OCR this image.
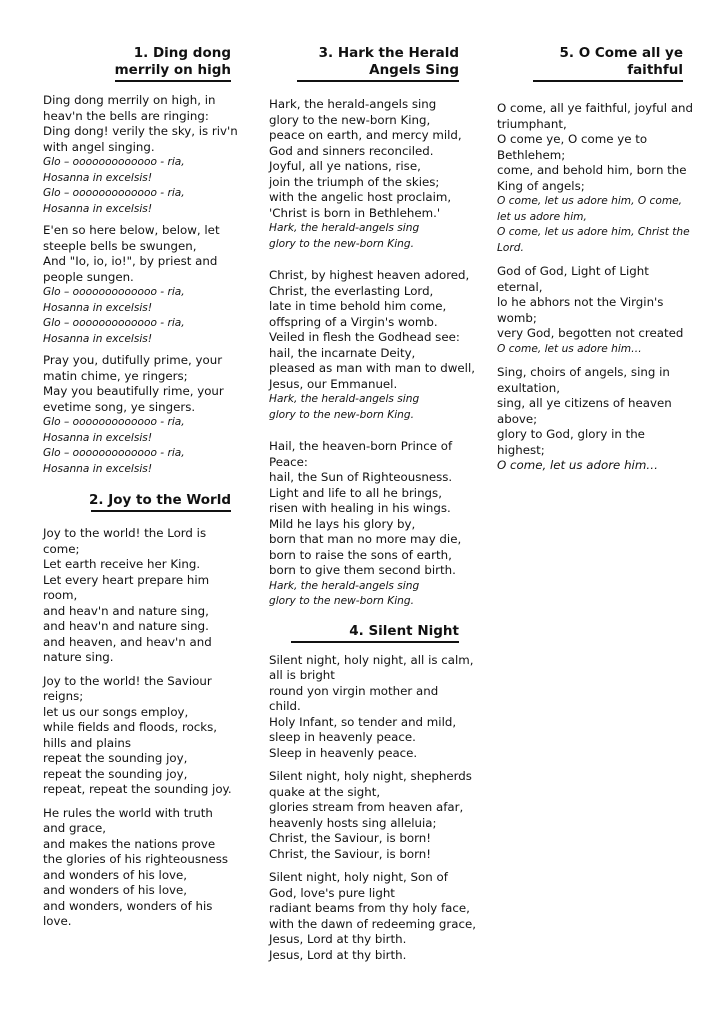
1. Ding dong
merrily on high
Ding dong merrily on high, in
heav'n the bells are ringing:
Ding dong! verily the sky, is riv'n
with angel singing.
Glo – ooooooooooooo - ria,
Hosanna in excelsis!
Glo – ooooooooooooo - ria,
Hosanna in excelsis!
E'en so here below, below, let
steeple bells be swungen,
And "Io, io, io!", by priest and
people sungen.
Glo – ooooooooooooo - ria,
Hosanna in excelsis!
Glo – ooooooooooooo - ria,
Hosanna in excelsis!
Pray you, dutifully prime, your
matin chime, ye ringers;
May you beautifully rime, your
evetime song, ye singers.
Glo – ooooooooooooo - ria,
Hosanna in excelsis!
Glo – ooooooooooooo - ria,
Hosanna in excelsis!
2. Joy to the World
Joy to the world! the Lord is
come;
Let earth receive her King.
Let every heart prepare him
room,
and heav'n and nature sing,
and heav'n and nature sing.
and heaven, and heav'n and
nature sing.
Joy to the world! the Saviour
reigns;
let us our songs employ,
while fields and floods, rocks,
hills and plains
repeat the sounding joy,
repeat the sounding joy,
repeat, repeat the sounding joy.
He rules the world with truth
and grace,
and makes the nations prove
the glories of his righteousness
and wonders of his love,
and wonders of his love,
and wonders, wonders of his
love.
3. Hark the Herald
Angels Sing
Hark, the herald-angels sing
glory to the new-born King,
peace on earth, and mercy mild,
God and sinners reconciled.
Joyful, all ye nations, rise,
join the triumph of the skies;
with the angelic host proclaim,
'Christ is born in Bethlehem.'
Hark, the herald-angels sing
glory to the new-born King.
Christ, by highest heaven adored,
Christ, the everlasting Lord,
late in time behold him come,
offspring of a Virgin's womb.
Veiled in flesh the Godhead see:
hail, the incarnate Deity,
pleased as man with man to dwell,
Jesus, our Emmanuel.
Hark, the herald-angels sing
glory to the new-born King.
Hail, the heaven-born Prince of
Peace:
hail, the Sun of Righteousness.
Light and life to all he brings,
risen with healing in his wings.
Mild he lays his glory by,
born that man no more may die,
born to raise the sons of earth,
born to give them second birth.
Hark, the herald-angels sing
glory to the new-born King.
4. Silent Night
Silent night, holy night, all is calm,
all is bright
round yon virgin mother and
child.
Holy Infant, so tender and mild,
sleep in heavenly peace.
Sleep in heavenly peace.
Silent night, holy night, shepherds
quake at the sight,
glories stream from heaven afar,
heavenly hosts sing alleluia;
Christ, the Saviour, is born!
Christ, the Saviour, is born!
Silent night, holy night, Son of
God, love's pure light
radiant beams from thy holy face,
with the dawn of redeeming grace,
Jesus, Lord at thy birth.
Jesus, Lord at thy birth.
5. O Come all ye
faithful
O come, all ye faithful, joyful and
triumphant,
O come ye, O come ye to
Bethlehem;
come, and behold him, born the
King of angels;
O come, let us adore him, O come,
let us adore him,
O come, let us adore him, Christ the
Lord.
God of God, Light of Light
eternal,
lo he abhors not the Virgin's
womb;
very God, begotten not created
O come, let us adore him…
Sing, choirs of angels, sing in
exultation,
sing, all ye citizens of heaven
above;
glory to God, glory in the
highest;
O come, let us adore him…
